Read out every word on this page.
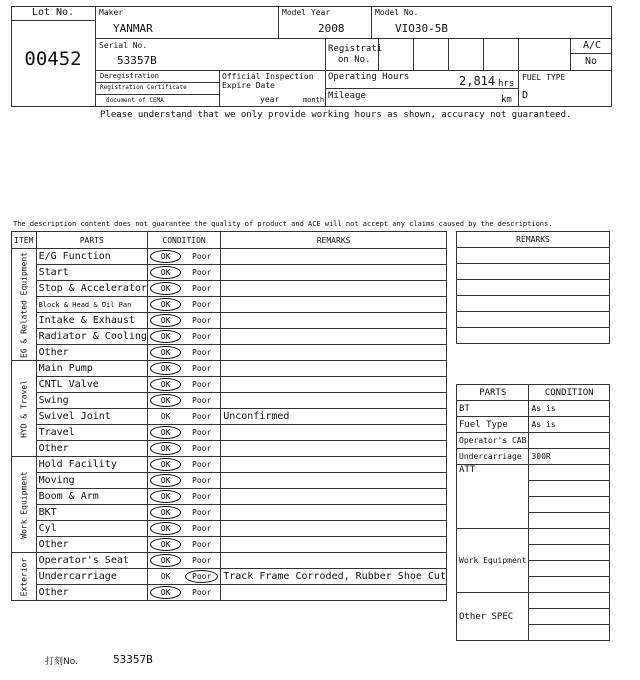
Lot No.
00452
Maker
YANMAR
Model Year
2008
Model No.
VIO30-5B
Serial No.
53357B
Registrati
on No.
A/C
No
Deregistration
Registration Certificate
document of CEMA
Official Inspection
Expire Date
year	month
Operating Hours	2,814 hrs
Mileage	km
FUEL TYPE
D
Please understand that we only provide working hours as shown, accuracy not guaranteed.
The description content does not guarantee the quality of product and ACE will not accept any claims caused by the descriptions.
ITEM	PARTS	CONDITION		REMARKS

EG & Related Equipment	E/G Function	OK	Poor	
	Start	OK	Poor	
	Stop & Accelerator	OK	Poor	
	Block & Head & Oil Pan	OK	Poor	
	Intake & Exhaust	OK	Poor	
	Radiator & Cooling	OK	Poor	
	Other	OK	Poor	

HYD & Travel	Main Pump	OK	Poor	
	CNTL Valve	OK	Poor	
	Swing	OK	Poor	
	Swivel Joint	OK	Poor	Unconfirmed
	Travel	OK	Poor	
	Other	OK	Poor	

Work Equipment	Hold Facility	OK	Poor	
	Moving	OK	Poor	
	Boom & Arm	OK	Poor	
	BKT	OK	Poor	
	Cyl	OK	Poor	
	Other	OK	Poor	

Exterior	Operator's Seat	OK	Poor	
	Undercarriage	OK	Poor	Track Frame Corroded, Rubber Shoe Cut
	Other	OK	Poor	
REMARKS

PARTS	CONDITION
BT	As is
Fuel Type	As is
Operator's CAB	
Undercarriage	300R
ATT	

Work Equipment	

Other SPEC	

打刻No.	53357B
